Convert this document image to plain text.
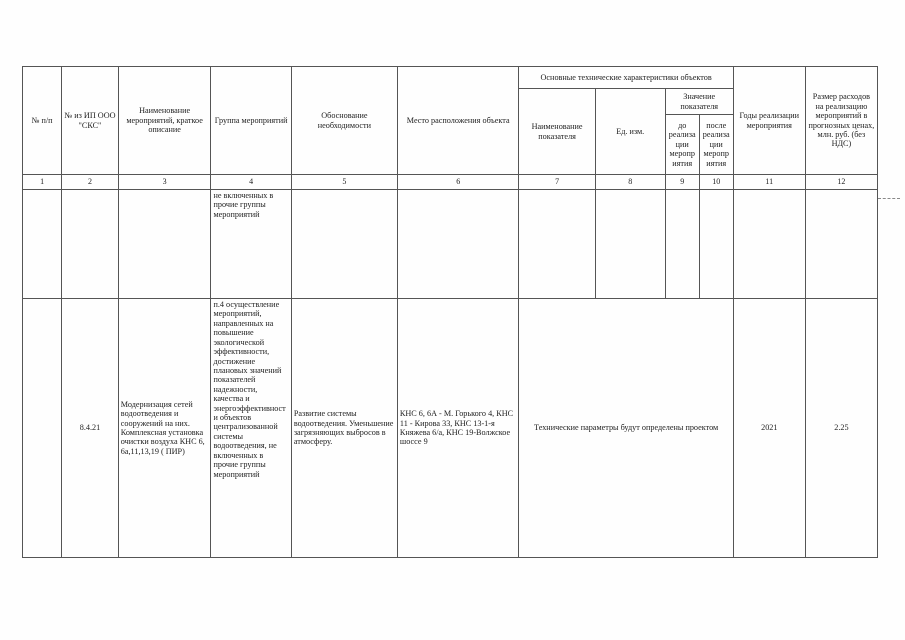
№ п/п	№ из ИП ООО "СКС"	Наименование мероприятий, краткое описание	Группа мероприятий	Обоснование необходимости	Место расположения объекта	Основные технические характеристики объектов				Годы реализации мероприятия	Размер расходов на реализацию мероприятий в прогнозных ценах, млн. руб. (без НДС)
						Наименование показателя	Ед. изм.	Значение показателя			
								до реализации мероприятия	после реализации мероприятия		
1	2	3	4	5	6	7	8	9	10	11	12
			не включенных в прочие группы мероприятий								
	8.4.21	Модернизация сетей водоотведения и сооружений на них. Комплексная установка очистки воздуха КНС 6, 6а,11,13,19 ( ПИР)	п.4 осуществление мероприятий, направленных на повышение экологической эффективности, достижение плановых значений показателей надежности, качества и энергоэффективности объектов централизованной системы водоотведения, не включенных в прочие группы мероприятий	Развитие системы водоотведения. Уменьшение загрязняющих выбросов в атмосферу.	КНС 6, 6А - М. Горького 4, КНС 11 - Кирова 33, КНС 13-1-я Княжева 6/а, КНС 19-Волжское шоссе 9	Технические параметры будут определены проектом				2021	2.25
